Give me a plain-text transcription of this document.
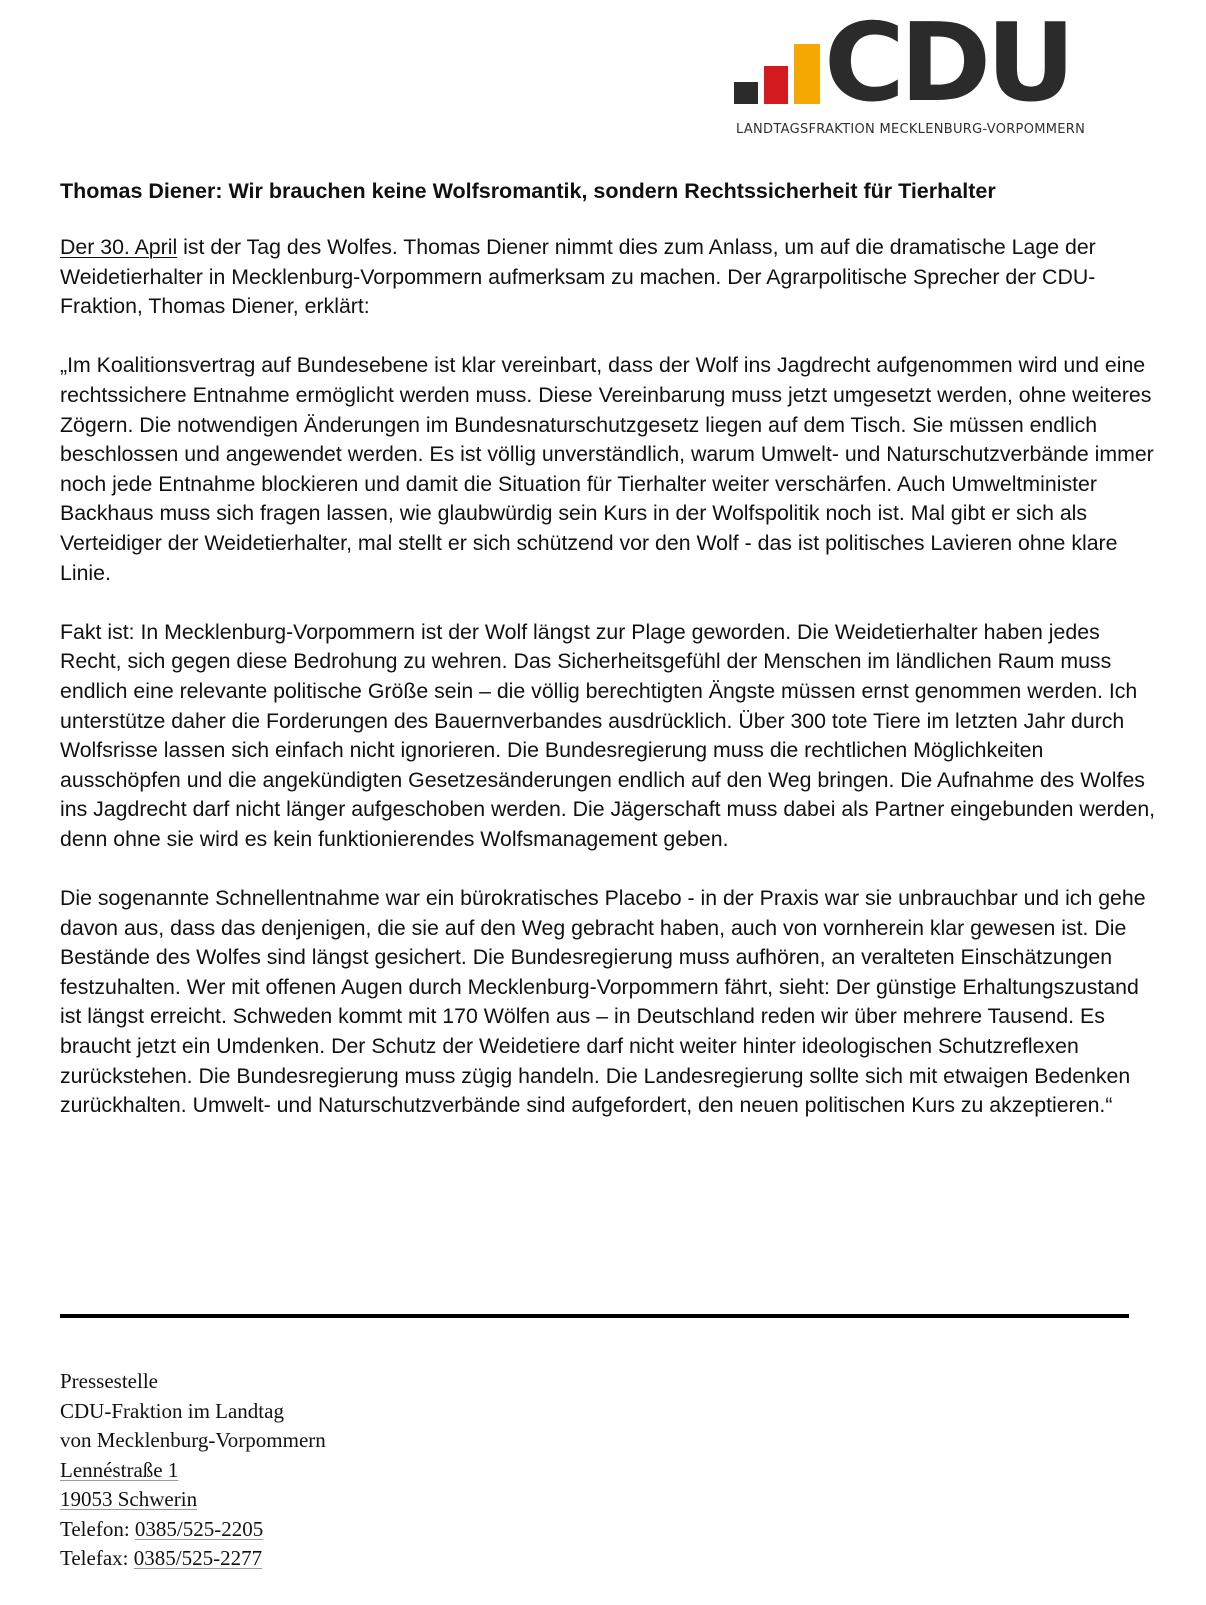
CDU
LANDTAGSFRAKTION MECKLENBURG-VORPOMMERN
Thomas Diener: Wir brauchen keine Wolfsromantik, sondern Rechtssicherheit für Tierhalter

Der 30. April ist der Tag des Wolfes. Thomas Diener nimmt dies zum Anlass, um auf die dramatische Lage der Weidetierhalter in Mecklenburg-Vorpommern aufmerksam zu machen. Der Agrarpolitische Sprecher der CDU-Fraktion, Thomas Diener, erklärt:

„Im Koalitionsvertrag auf Bundesebene ist klar vereinbart, dass der Wolf ins Jagdrecht aufgenommen wird und eine rechtssichere Entnahme ermöglicht werden muss. Diese Vereinbarung muss jetzt umgesetzt werden, ohne weiteres Zögern. Die notwendigen Änderungen im Bundesnaturschutzgesetz liegen auf dem Tisch. Sie müssen endlich beschlossen und angewendet werden. Es ist völlig unverständlich, warum Umwelt- und Naturschutzverbände immer noch jede Entnahme blockieren und damit die Situation für Tierhalter weiter verschärfen. Auch Umweltminister Backhaus muss sich fragen lassen, wie glaubwürdig sein Kurs in der Wolfspolitik noch ist. Mal gibt er sich als Verteidiger der Weidetierhalter, mal stellt er sich schützend vor den Wolf - das ist politisches Lavieren ohne klare Linie.

Fakt ist: In Mecklenburg-Vorpommern ist der Wolf längst zur Plage geworden. Die Weidetierhalter haben jedes Recht, sich gegen diese Bedrohung zu wehren. Das Sicherheitsgefühl der Menschen im ländlichen Raum muss endlich eine relevante politische Größe sein – die völlig berechtigten Ängste müssen ernst genommen werden. Ich unterstütze daher die Forderungen des Bauernverbandes ausdrücklich. Über 300 tote Tiere im letzten Jahr durch Wolfsrisse lassen sich einfach nicht ignorieren. Die Bundesregierung muss die rechtlichen Möglichkeiten ausschöpfen und die angekündigten Gesetzesänderungen endlich auf den Weg bringen. Die Aufnahme des Wolfes ins Jagdrecht darf nicht länger aufgeschoben werden. Die Jägerschaft muss dabei als Partner eingebunden werden, denn ohne sie wird es kein funktionierendes Wolfsmanagement geben.

Die sogenannte Schnellentnahme war ein bürokratisches Placebo - in der Praxis war sie unbrauchbar und ich gehe davon aus, dass das denjenigen, die sie auf den Weg gebracht haben, auch von vornherein klar gewesen ist. Die Bestände des Wolfes sind längst gesichert. Die Bundesregierung muss aufhören, an veralteten Einschätzungen festzuhalten. Wer mit offenen Augen durch Mecklenburg-Vorpommern fährt, sieht: Der günstige Erhaltungszustand ist längst erreicht. Schweden kommt mit 170 Wölfen aus – in Deutschland reden wir über mehrere Tausend. Es braucht jetzt ein Umdenken. Der Schutz der Weidetiere darf nicht weiter hinter ideologischen Schutzreflexen zurückstehen. Die Bundesregierung muss zügig handeln. Die Landesregierung sollte sich mit etwaigen Bedenken zurückhalten. Umwelt- und Naturschutzverbände sind aufgefordert, den neuen politischen Kurs zu akzeptieren.“

Pressestelle
CDU-Fraktion im Landtag
von Mecklenburg-Vorpommern
Lennéstraße 1
19053 Schwerin
Telefon: 0385/525-2205
Telefax: 0385/525-2277
